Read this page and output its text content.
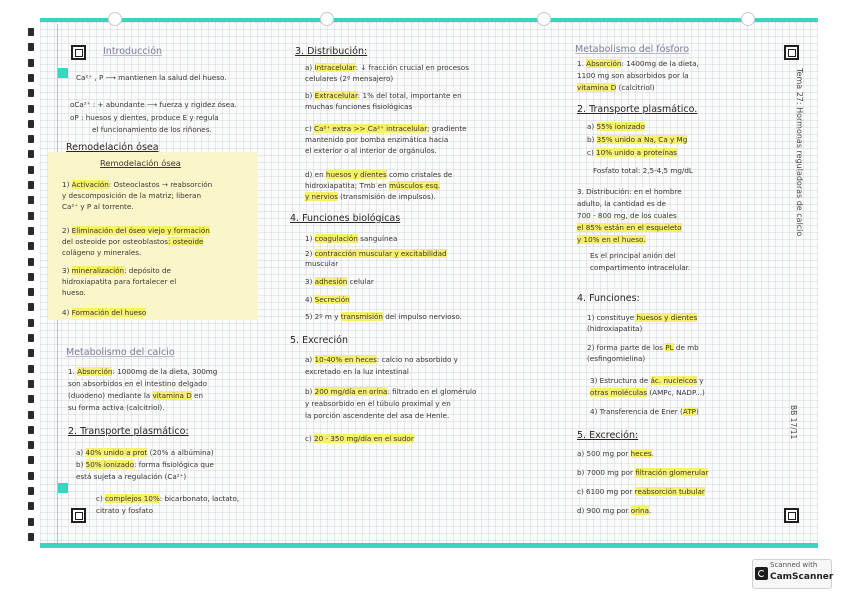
Remodelación ósea
Introducción
Ca²⁺ , P ⟶ mantienen la salud del hueso.
oCa²⁺ : + abundante ⟶ fuerza y rigidez ósea.
oP : huesos y dientes, produce E y regula
el funcionamiento de los riñones.
Remodelación ósea
1) Activación: Osteoclastos → reabsorción
y descomposición de la matriz; liberan
Ca²⁺ y P al torrente.
2) Eliminación del óseo viejo y formación
del osteoide por osteoblastos: osteoide
colágeno y minerales.
3) mineralización: depósito de
hidroxiapatita para fortalecer el
hueso.
4) Formación del hueso
Metabolismo del calcio
1. Absorción: 1000mg de la dieta, 300mg
son absorbidos en el intestino delgado
(duodeno) mediante la vitamina D en
su forma activa (calcitriol).
2. Transporte plasmático:
a) 40% unido a prot (20% a albúmina)
b) 50% ionizado: forma fisiológica que
está sujeta a regulación (Ca²⁺)
c) complejos 10%: bicarbonato, lactato,
citrato y fosfato
3. Distribución:
a) Intracelular: ↓ fracción crucial en procesos
celulares (2º mensajero)
b) Extracelular: 1% del total, importante en
muchas funciones fisiológicas
c) Ca²⁺ extra >> Ca²⁺ intracelular; gradiente
mantenido por bomba enzimática hacia
el exterior o al interior de orgánulos.
d) en huesos y dientes como cristales de
hidroxiapatita; Tmb en músculos esq.
y nervios (transmisión de impulsos).
4. Funciones biológicas
1) coagulación sanguínea
2) contracción muscular y excitabilidad
muscular
3) adhesión celular
4) Secreción
5) 2º m y transmisión del impulso nervioso.
5. Excreción
a) 10-40% en heces: calcio no absorbido y
excretado en la luz intestinal
b) 200 mg/día en orina: filtrado en el glomérulo
y reabsorbido en el túbulo proximal y en
la porción ascendente del asa de Henle.
c) 20 - 350 mg/día en el sudor
Metabolismo del fósforo
1. Absorción: 1400mg de la dieta,
1100 mg son absorbidos por la
vitamina D (calcitriol)
2. Transporte plasmático.
a) 55% ionizado
b) 35% unido a Na, Ca y Mg
c) 10% unido a proteínas
Fosfato total: 2,5-4,5 mg/dL
3. Distribución: en el hombre
adulto, la cantidad es de
700 - 800 mg, de los cuales
el 85% están en el esqueleto
y 10% en el hueso.
Es el principal anión del
compartimento intracelular.
4. Funciones:
1) constituye huesos y dientes
(hidroxiapatita)
2) forma parte de los PL de mb
(esfingomielina)
3) Estructura de ác. nucleicos y
otras moléculas (AMPc, NADP...)
4) Transferencia de Ener (ATP)
5. Excreción:
a) 500 mg por heces.
b) 7000 mg por filtración glomerular
c) 6100 mg por reabsorción tubular
d) 900 mg por orina.
Tema 27: Hormonas reguladoras de calcio
BB 17/11
Scanned with
CamScanner
